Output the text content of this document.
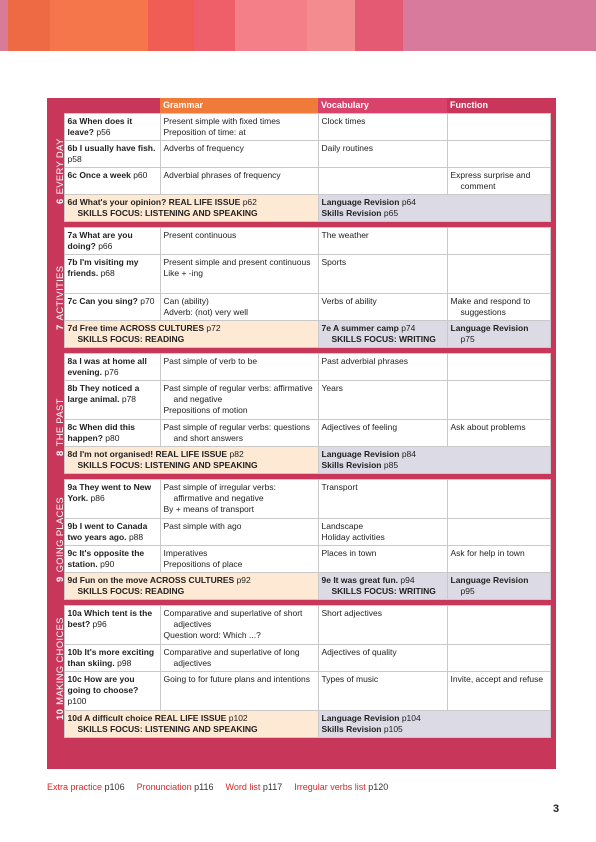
		Grammar	Vocabulary	Function	

6EVERY DAY	6a When does it leave? p56	Present simple with fixed times
Preposition of time: at	Clock times		

	6b I usually have fish. p58	Adverbs of frequency	Daily routines		

	6c Once a week p60	Adverbial phrases of frequency		Express surprise and comment	

	6d What's your opinion? REAL LIFE ISSUE p62
SKILLS FOCUS: LISTENING AND SPEAKING		Language Revision p64
Skills Revision p65		

7ACTIVITIES	7a What are you doing? p66	Present continuous	The weather		

	7b I'm visiting my friends. p68	Present simple and present continuous
Like + -ing	Sports		

	7c Can you sing? p70	Can (ability)
Adverb: (not) very well	Verbs of ability	Make and respond to suggestions	

	7d Free time ACROSS CULTURES p72
SKILLS FOCUS: READING		7e A summer camp p74
SKILLS FOCUS: WRITING	Language Revision
p75	

8THE PAST	8a I was at home all evening. p76	Past simple of verb to be	Past adverbial phrases		

	8b They noticed a large animal. p78	Past simple of regular verbs: affirmative and negative
Prepositions of motion	Years		

	8c When did this happen? p80	Past simple of regular verbs: questions and short answers	Adjectives of feeling	Ask about problems	

	8d I'm not organised! REAL LIFE ISSUE p82
SKILLS FOCUS: LISTENING AND SPEAKING		Language Revision p84
Skills Revision p85		

9GOING PLACES	9a They went to New York. p86	Past simple of irregular verbs: affirmative and negative
By + means of transport	Transport		

	9b I went to Canada two years ago. p88	Past simple with ago	Landscape
Holiday activities		

	9c It's opposite the station. p90	Imperatives
Prepositions of place	Places in town	Ask for help in town	

	9d Fun on the move ACROSS CULTURES p92
SKILLS FOCUS: READING		9e It was great fun. p94
SKILLS FOCUS: WRITING	Language Revision
p95	

10MAKING CHOICES	10a Which tent is the best? p96	Comparative and superlative of short adjectives
Question word: Which ...?	Short adjectives		

	10b It's more exciting than skiing. p98	Comparative and superlative of long adjectives	Adjectives of quality		

	10c How are you going to choose? p100	Going to for future plans and intentions	Types of music	Invite, accept and refuse	

	10d A difficult choice REAL LIFE ISSUE p102
SKILLS FOCUS: LISTENING AND SPEAKING		Language Revision p104
Skills Revision p105		
Extra practice p106 Pronunciation p116 Word list p117 Irregular verbs list p120
3
